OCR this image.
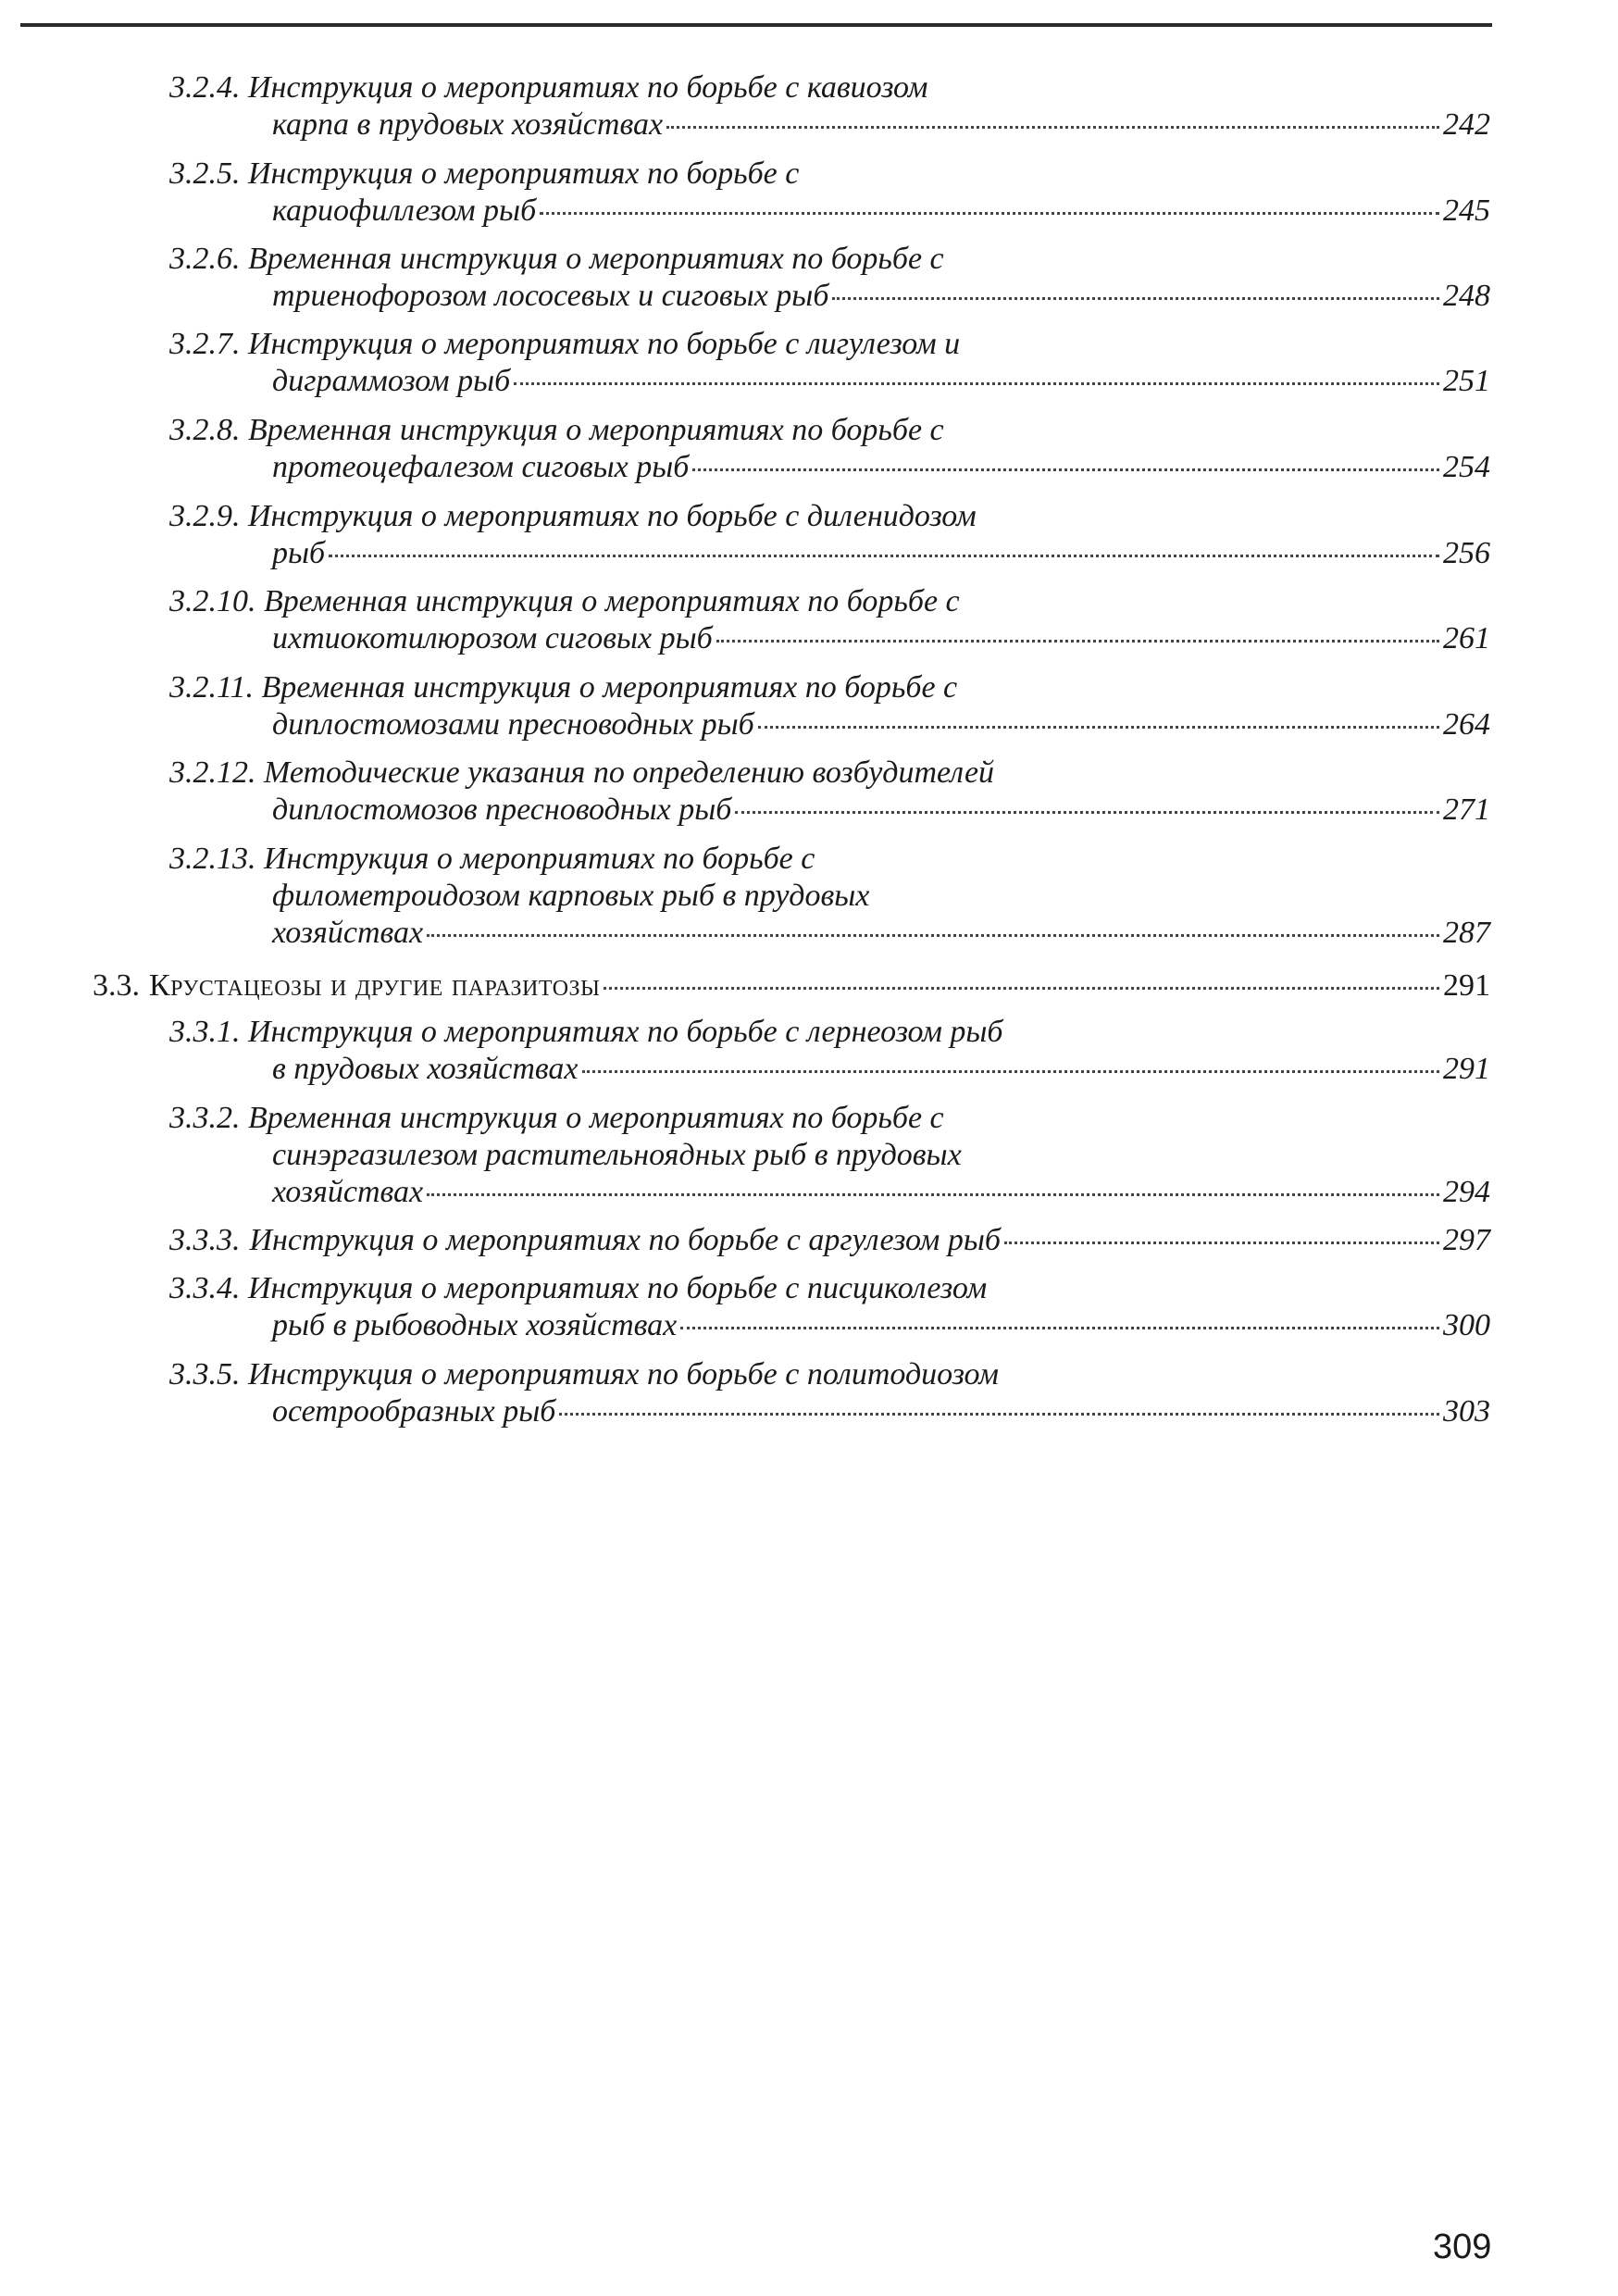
3.2.4. Инструкция о мероприятиях по борьбе с кавиозом
карпа в прудовых хозяйствах	242
3.2.5. Инструкция о мероприятиях по борьбе с
кариофиллезом рыб	245
3.2.6. Временная инструкция о мероприятиях по борьбе с
триенофорозом лососевых и сиговых рыб	248
3.2.7. Инструкция о мероприятиях по борьбе с лигулезом и
диграммозом рыб	251
3.2.8. Временная инструкция о мероприятиях по борьбе с
протеоцефалезом сиговых рыб	254
3.2.9. Инструкция о мероприятиях по борьбе с диленидозом
рыб	256
3.2.10. Временная инструкция о мероприятиях по борьбе с
ихтиокотилюрозом сиговых рыб	261
3.2.11. Временная инструкция о мероприятиях по борьбе с
диплостомозами пресноводных рыб	264
3.2.12. Методические указания по определению возбудителей
диплостомозов пресноводных рыб	271
3.2.13. Инструкция о мероприятиях по борьбе с
филометроидозом карповых рыб в прудовых
хозяйствах	287
3.3. Крустацеозы и другие паразитозы	291
3.3.1. Инструкция о мероприятиях по борьбе с лернеозом рыб
в прудовых хозяйствах	291
3.3.2. Временная инструкция о мероприятиях по борьбе с
синэргазилезом растительноядных рыб в прудовых
хозяйствах	294
3.3.3. Инструкция о мероприятиях по борьбе с аргулезом рыб	297
3.3.4. Инструкция о мероприятиях по борьбе с писциколезом
рыб в рыбоводных хозяйствах	300
3.3.5. Инструкция о мероприятиях по борьбе с политодиозом
осетрообразных рыб	303
309
